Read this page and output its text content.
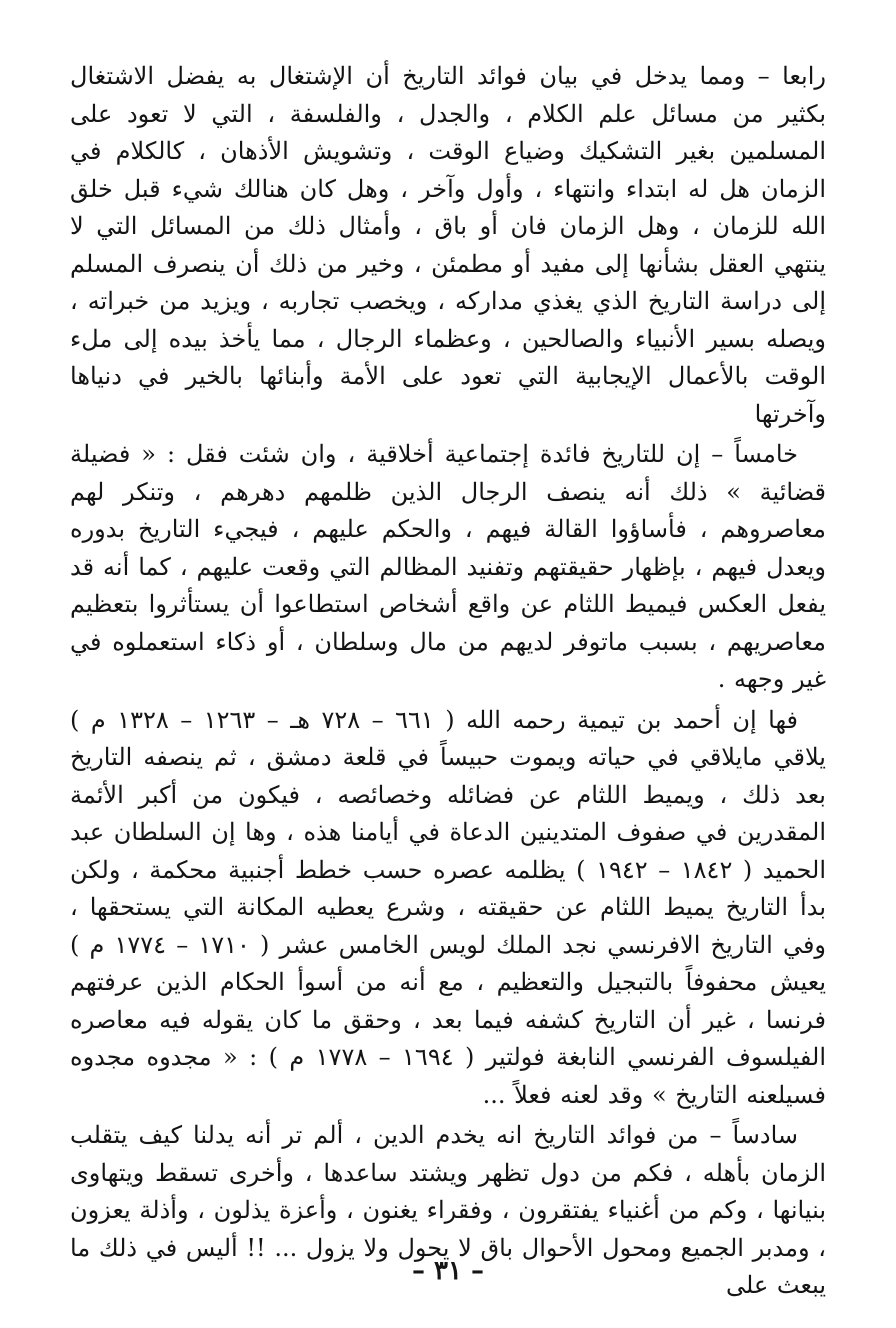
رابعا – ومما يدخل في بيان فوائد التاريخ أن الإشتغال به يفضل الاشتغال بكثير من مسائل علم الكلام ، والجدل ، والفلسفة ، التي لا تعود على المسلمين بغير التشكيك وضياع الوقت ، وتشويش الأذهان ، كالكلام في الزمان هل له ابتداء وانتهاء ، وأول وآخر ، وهل كان هنالك شيء قبل خلق الله للزمان ، وهل الزمان فان أو باق ، وأمثال ذلك من المسائل التي لا ينتهي العقل بشأنها إلى مفيد أو مطمئن ، وخير من ذلك أن ينصرف المسلم إلى دراسة التاريخ الذي يغذي مداركه ، ويخصب تجاربه ، ويزيد من خبراته ، ويصله بسير الأنبياء والصالحين ، وعظماء الرجال ، مما يأخذ بيده إلى ملء الوقت بالأعمال الإيجابية التي تعود على الأمة وأبنائها بالخير في دنياها وآخرتها

خامساً – إن للتاريخ فائدة إجتماعية أخلاقية ، وان شئت فقل : « فضيلة قضائية » ذلك أنه ينصف الرجال الذين ظلمهم دهرهم ، وتنكر لهم معاصروهم ، فأساؤوا القالة فيهم ، والحكم عليهم ، فيجيء التاريخ بدوره ويعدل فيهم ، بإظهار حقيقتهم وتفنيد المظالم التي وقعت عليهم ، كما أنه قد يفعل العكس فيميط اللثام عن واقع أشخاص استطاعوا أن يستأثروا بتعظيم معاصريهم ، بسبب ماتوفر لديهم من مال وسلطان ، أو ذكاء استعملوه في غير وجهه .

فها إن أحمد بن تيمية رحمه الله ( ٦٦١ – ٧٢٨ هـ – ١٢٦٣ – ١٣٢٨ م ) يلاقي مايلاقي في حياته ويموت حبيساً في قلعة دمشق ، ثم ينصفه التاريخ بعد ذلك ، ويميط اللثام عن فضائله وخصائصه ، فيكون من أكبر الأئمة المقدرين في صفوف المتدينين الدعاة في أيامنا هذه ، وها إن السلطان عبد الحميد ( ١٨٤٢ – ١٩٤٢ ) يظلمه عصره حسب خطط أجنبية محكمة ، ولكن بدأ التاريخ يميط اللثام عن حقيقته ، وشرع يعطيه المكانة التي يستحقها ، وفي التاريخ الافرنسي نجد الملك لويس الخامس عشر ( ١٧١٠ – ١٧٧٤ م ) يعيش محفوفاً بالتبجيل والتعظيم ، مع أنه من أسوأ الحكام الذين عرفتهم فرنسا ، غير أن التاريخ كشفه فيما بعد ، وحقق ما كان يقوله فيه معاصره الفيلسوف الفرنسي النابغة فولتير ( ١٦٩٤ – ١٧٧٨ م ) : « مجدوه مجدوه فسيلعنه التاريخ » وقد لعنه فعلاً ...

سادساً – من فوائد التاريخ انه يخدم الدين ، ألم تر أنه يدلنا كيف يتقلب الزمان بأهله ، فكم من دول تظهر ويشتد ساعدها ، وأخرى تسقط ويتهاوى بنيانها ، وكم من أغنياء يفتقرون ، وفقراء يغنون ، وأعزة يذلون ، وأذلة يعزون ، ومدبر الجميع ومحول الأحوال باق لا يحول ولا يزول ... !! أليس في ذلك ما يبعث على

– ٣١ –
